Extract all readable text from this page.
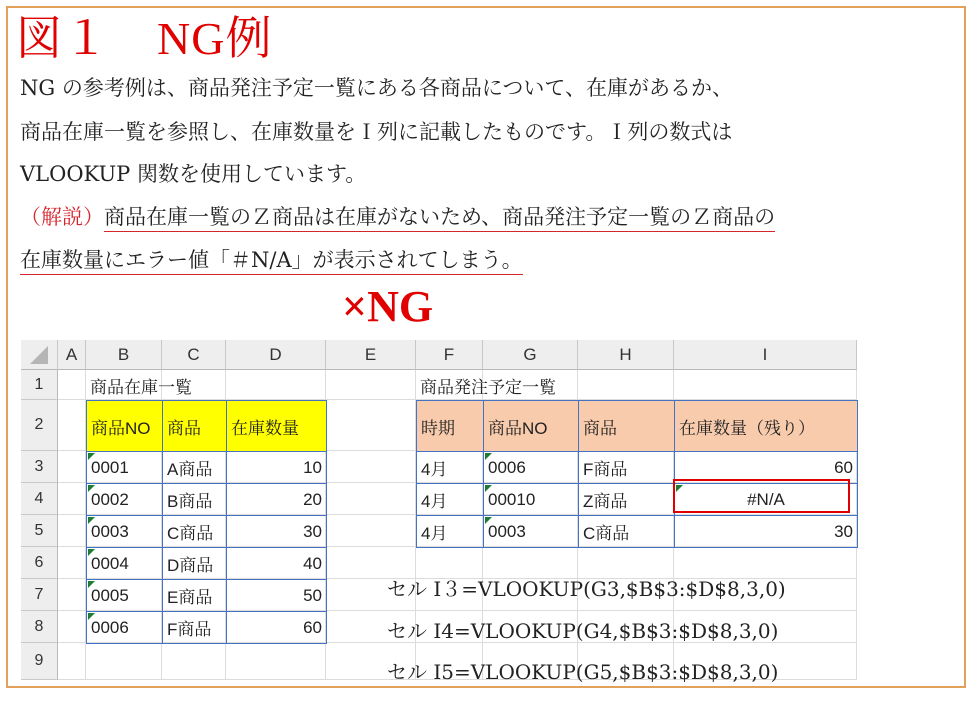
図１　NG例
NG の参考例は、商品発注予定一覧にある各商品について、在庫があるか、
商品在庫一覧を参照し、在庫数量をＩ列に記載したものです。Ｉ列の数式は
VLOOKUP 関数を使用しています。
（解説）商品在庫一覧のＺ商品は在庫がないため、商品発注予定一覧のＺ商品の
在庫数量にエラー値「＃N/A」が表示されてしまう。
×NG
A	B	C	D	E	F	G	H	I
1
2
3
4
5
6
7
8
9
商品在庫一覧	商品発注予定一覧
商品NO 商品	在庫数量
0001	A商品	10
0002	B商品	20
0003	C商品	30
0004	D商品	40
0005	E商品	50
0006	F商品	60
時期	商品NO	商品	在庫数量（残り）
4月	0006	F商品	60
4月	00010	Z商品	#N/A
4月	0003	C商品	30
セル I３=VLOOKUP(G3,$B$3:$D$8,3,0)
セル I4=VLOOKUP(G4,$B$3:$D$8,3,0)
セル I5=VLOOKUP(G5,$B$3:$D$8,3,0)
